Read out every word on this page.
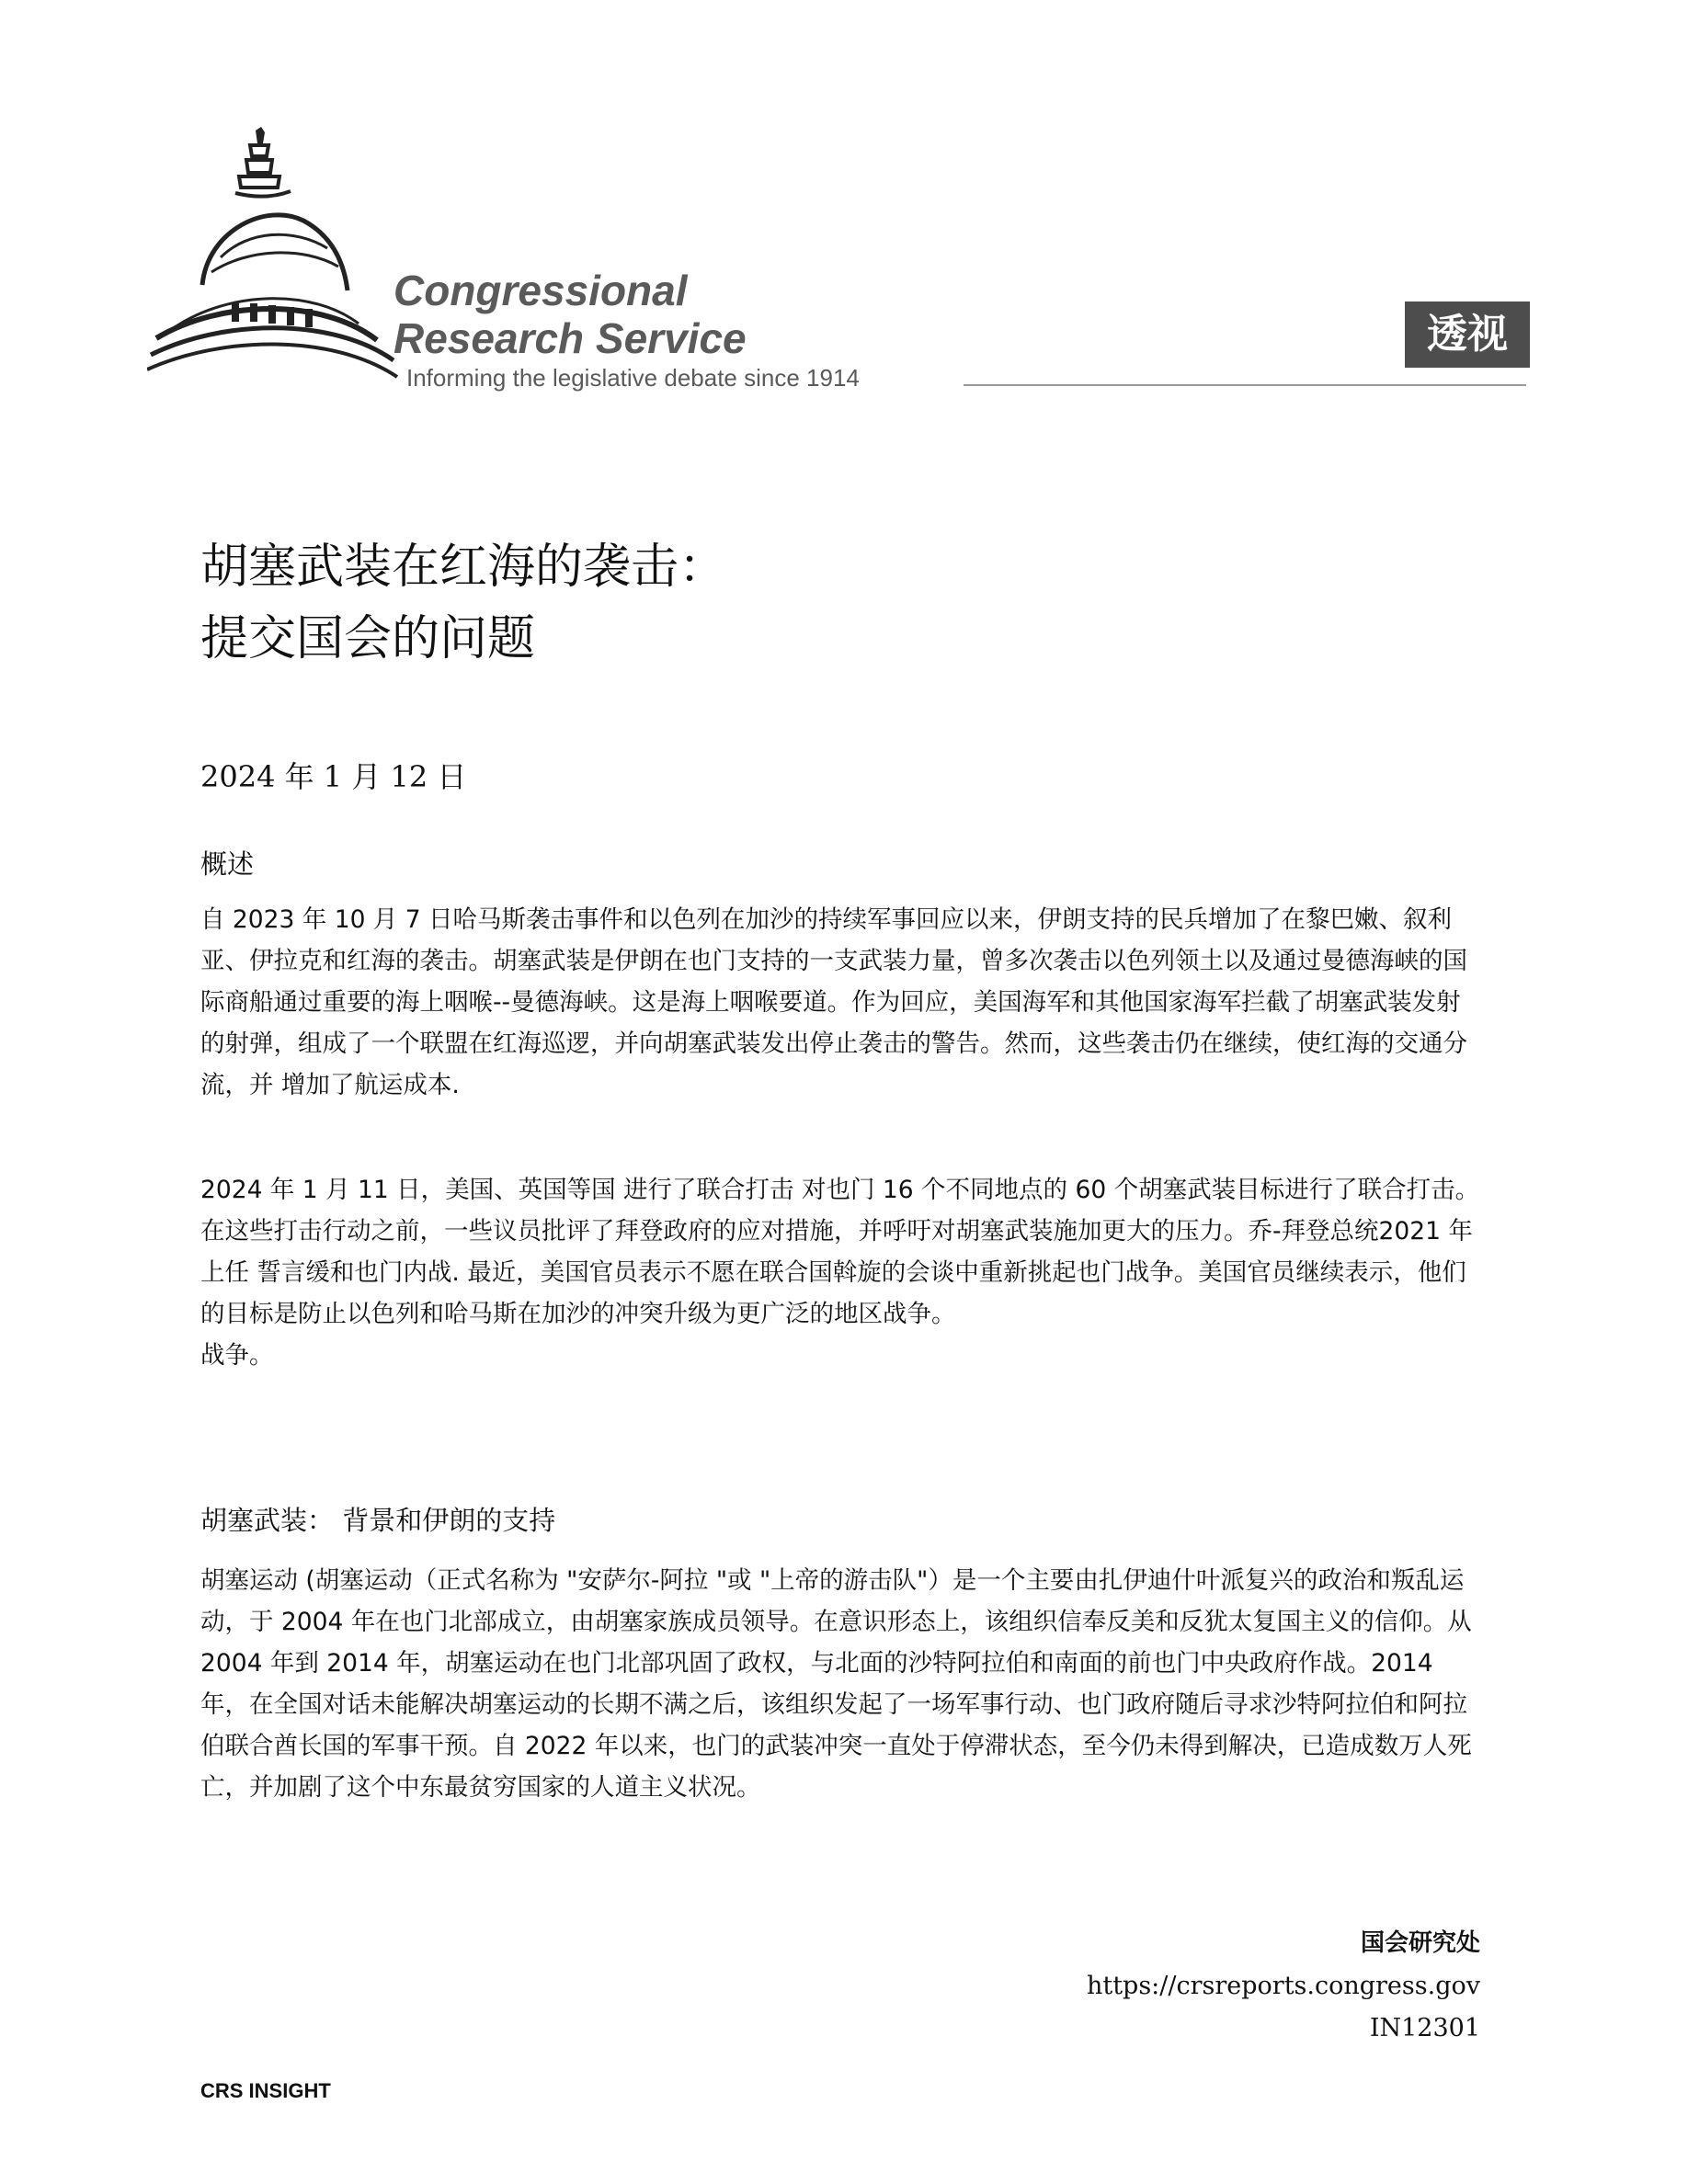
Congressional
Research Service

Informing the legislative debate since 1914
透视
胡塞武装在红海的袭击：
提交国会的问题
2024 年 1 月 12 日
概述

自 2023 年 10 月 7 日哈马斯袭击事件和以色列在加沙的持续军事回应以来，伊朗支持的民兵增加了在黎巴嫩、叙利亚、伊拉克和红海的袭击。胡塞武装是伊朗在也门支持的一支武装力量，曾多次袭击以色列领土以及通过曼德海峡的国际商船通过重要的海上咽喉--曼德海峡。这是海上咽喉要道。作为回应，美国海军和其他国家海军拦截了胡塞武装发射的射弹，组成了一个联盟在红海巡逻，并向胡塞武装发出停止袭击的警告。然而，这些袭击仍在继续，使红海的交通分流，并 增加了航运成本.

2024 年 1 月 11 日，美国、英国等国 进行了联合打击 对也门 16 个不同地点的 60 个胡塞武装目标进行了联合打击。在这些打击行动之前，一些议员批评了拜登政府的应对措施，并呼吁对胡塞武装施加更大的压力。乔-拜登总统2021 年上任 誓言缓和也门内战. 最近，美国官员表示不愿在联合国斡旋的会谈中重新挑起也门战争。美国官员继续表示，他们的目标是防止以色列和哈马斯在加沙的冲突升级为更广泛的地区战争。

战争。

胡塞武装： 背景和伊朗的支持

胡塞运动 (胡塞运动（正式名称为 "安萨尔-阿拉 "或 "上帝的游击队"）是一个主要由扎伊迪什叶派复兴的政治和叛乱运动，于 2004 年在也门北部成立，由胡塞家族成员领导。在意识形态上，该组织信奉反美和反犹太复国主义的信仰。从 2004 年到 2014 年，胡塞运动在也门北部巩固了政权，与北面的沙特阿拉伯和南面的前也门中央政府作战。2014 年，在全国对话未能解决胡塞运动的长期不满之后，该组织发起了一场军事行动、也门政府随后寻求沙特阿拉伯和阿拉伯联合酋长国的军事干预。自 2022 年以来，也门的武装冲突一直处于停滞状态，至今仍未得到解决，已造成数万人死亡，并加剧了这个中东最贫穷国家的人道主义状况。

国会研究处
https://crsreports.congress.gov
IN12301
CRS INSIGHT
